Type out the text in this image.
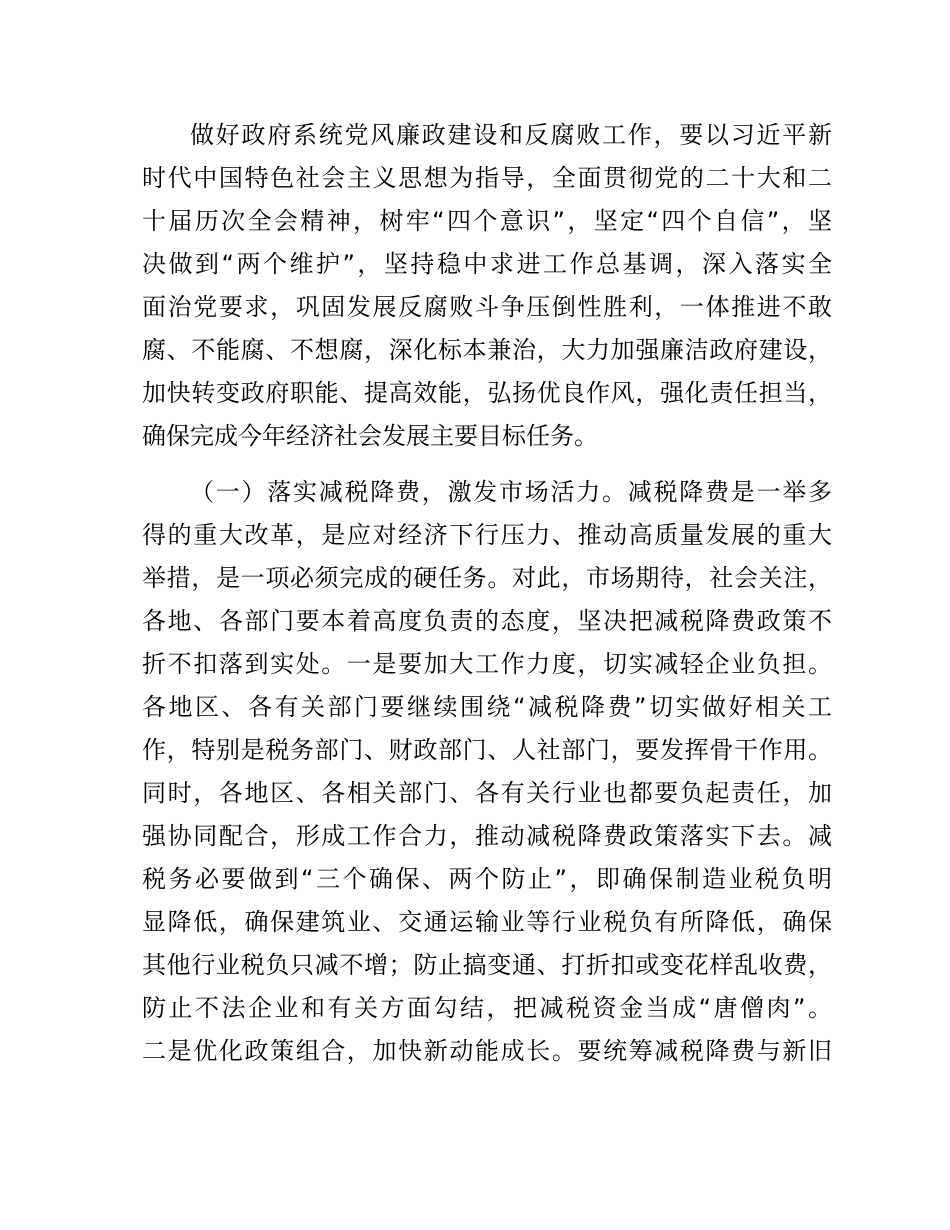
做好政府系统党风廉政建设和反腐败工作，要以习近平新
时代中国特色社会主义思想为指导，全面贯彻党的二十大和二
十届历次全会精神，树牢“四个意识”，坚定“四个自信”，坚
决做到“两个维护”，坚持稳中求进工作总基调，深入落实全
面治党要求，巩固发展反腐败斗争压倒性胜利，一体推进不敢
腐、不能腐、不想腐，深化标本兼治，大力加强廉洁政府建设，
加快转变政府职能、提高效能，弘扬优良作风，强化责任担当，
确保完成今年经济社会发展主要目标任务。
（一）落实减税降费，激发市场活力。减税降费是一举多
得的重大改革，是应对经济下行压力、推动高质量发展的重大
举措，是一项必须完成的硬任务。对此，市场期待，社会关注，
各地、各部门要本着高度负责的态度，坚决把减税降费政策不
折不扣落到实处。一是要加大工作力度，切实减轻企业负担。
各地区、各有关部门要继续围绕“减税降费”切实做好相关工
作，特别是税务部门、财政部门、人社部门，要发挥骨干作用。
同时，各地区、各相关部门、各有关行业也都要负起责任，加
强协同配合，形成工作合力，推动减税降费政策落实下去。减
税务必要做到“三个确保、两个防止”，即确保制造业税负明
显降低，确保建筑业、交通运输业等行业税负有所降低，确保
其他行业税负只减不增；防止搞变通、打折扣或变花样乱收费，
防止不法企业和有关方面勾结，把减税资金当成“唐僧肉”。
二是优化政策组合，加快新动能成长。要统筹减税降费与新旧
